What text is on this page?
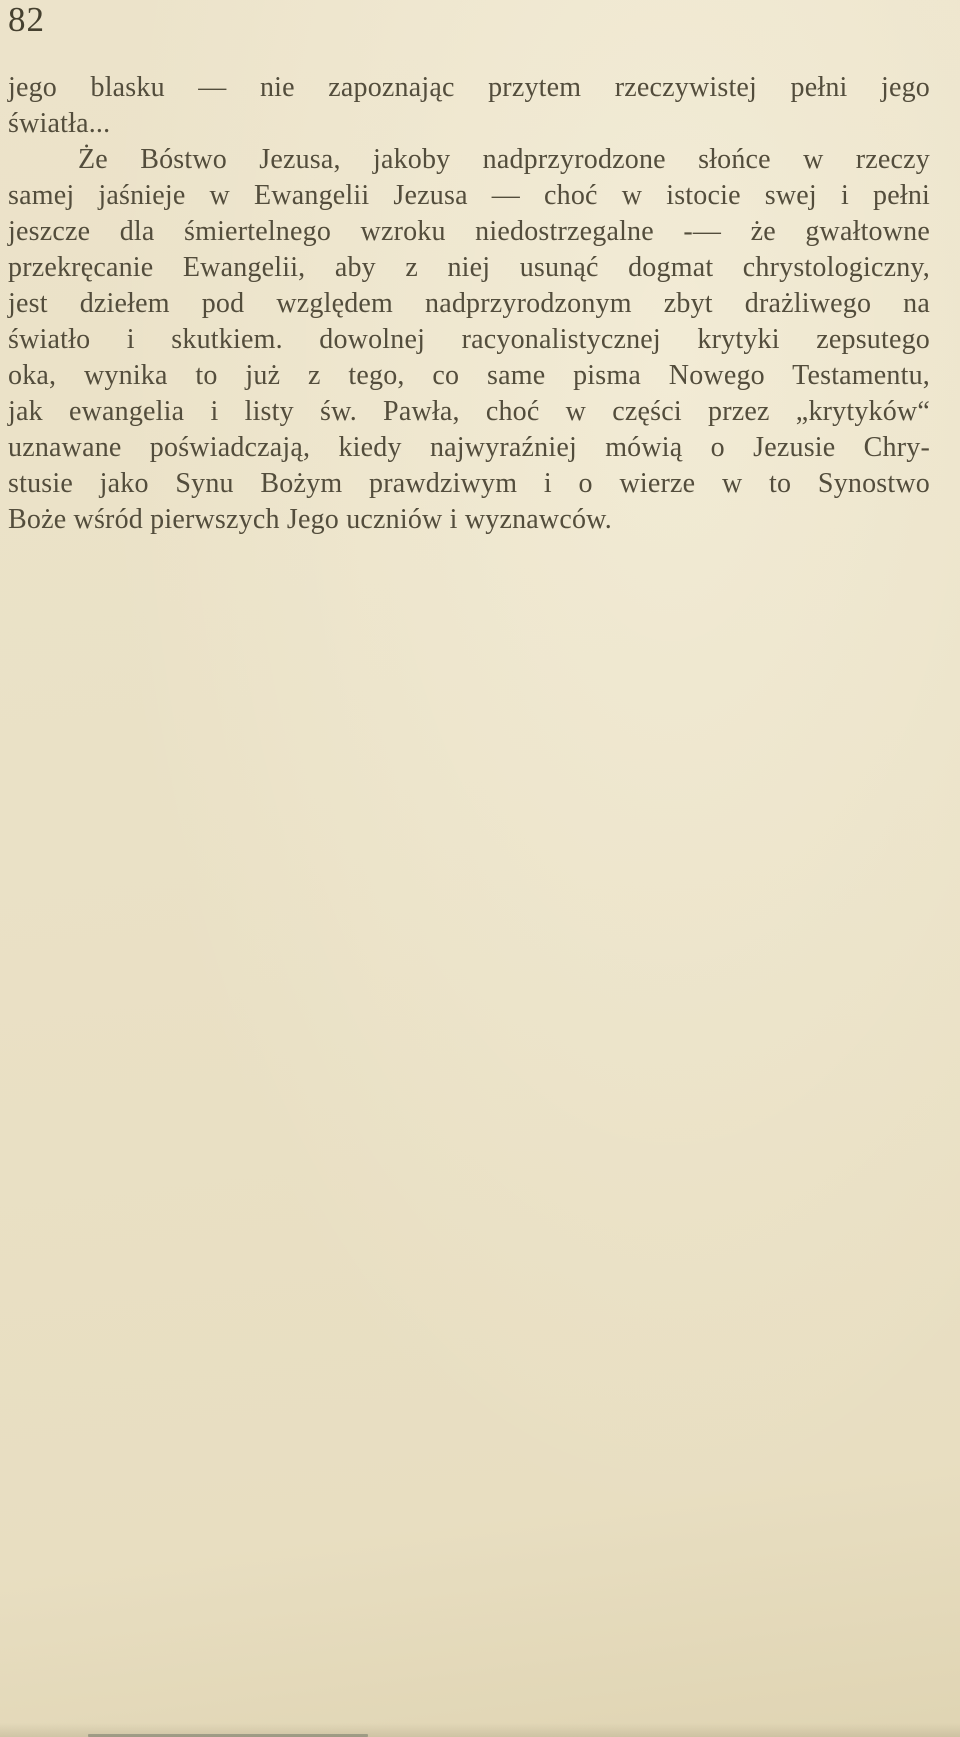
82
jego blasku — nie zapoznając przytem rzeczywistej pełni jego
światła...
Że Bóstwo Jezusa, jakoby nadprzyrodzone słońce w rzeczy
samej jaśnieje w Ewangelii Jezusa — choć w istocie swej i pełni
jeszcze dla śmiertelnego wzroku niedostrzegalne -— że gwałtowne
przekręcanie Ewangelii, aby z niej usunąć dogmat chrystologiczny,
jest dziełem pod względem nadprzyrodzonym zbyt drażliwego na
światło i skutkiem. dowolnej racyonalistycznej krytyki zepsutego
oka, wynika to już z tego, co same pisma Nowego Testamentu,
jak ewangelia i listy św. Pawła, choć w części przez „krytyków“
uznawane poświadczają, kiedy najwyraźniej mówią o Jezusie Chry-
stusie jako Synu Bożym prawdziwym i o wierze w to Synostwo
Boże wśród pierwszych Jego uczniów i wyznawców.
